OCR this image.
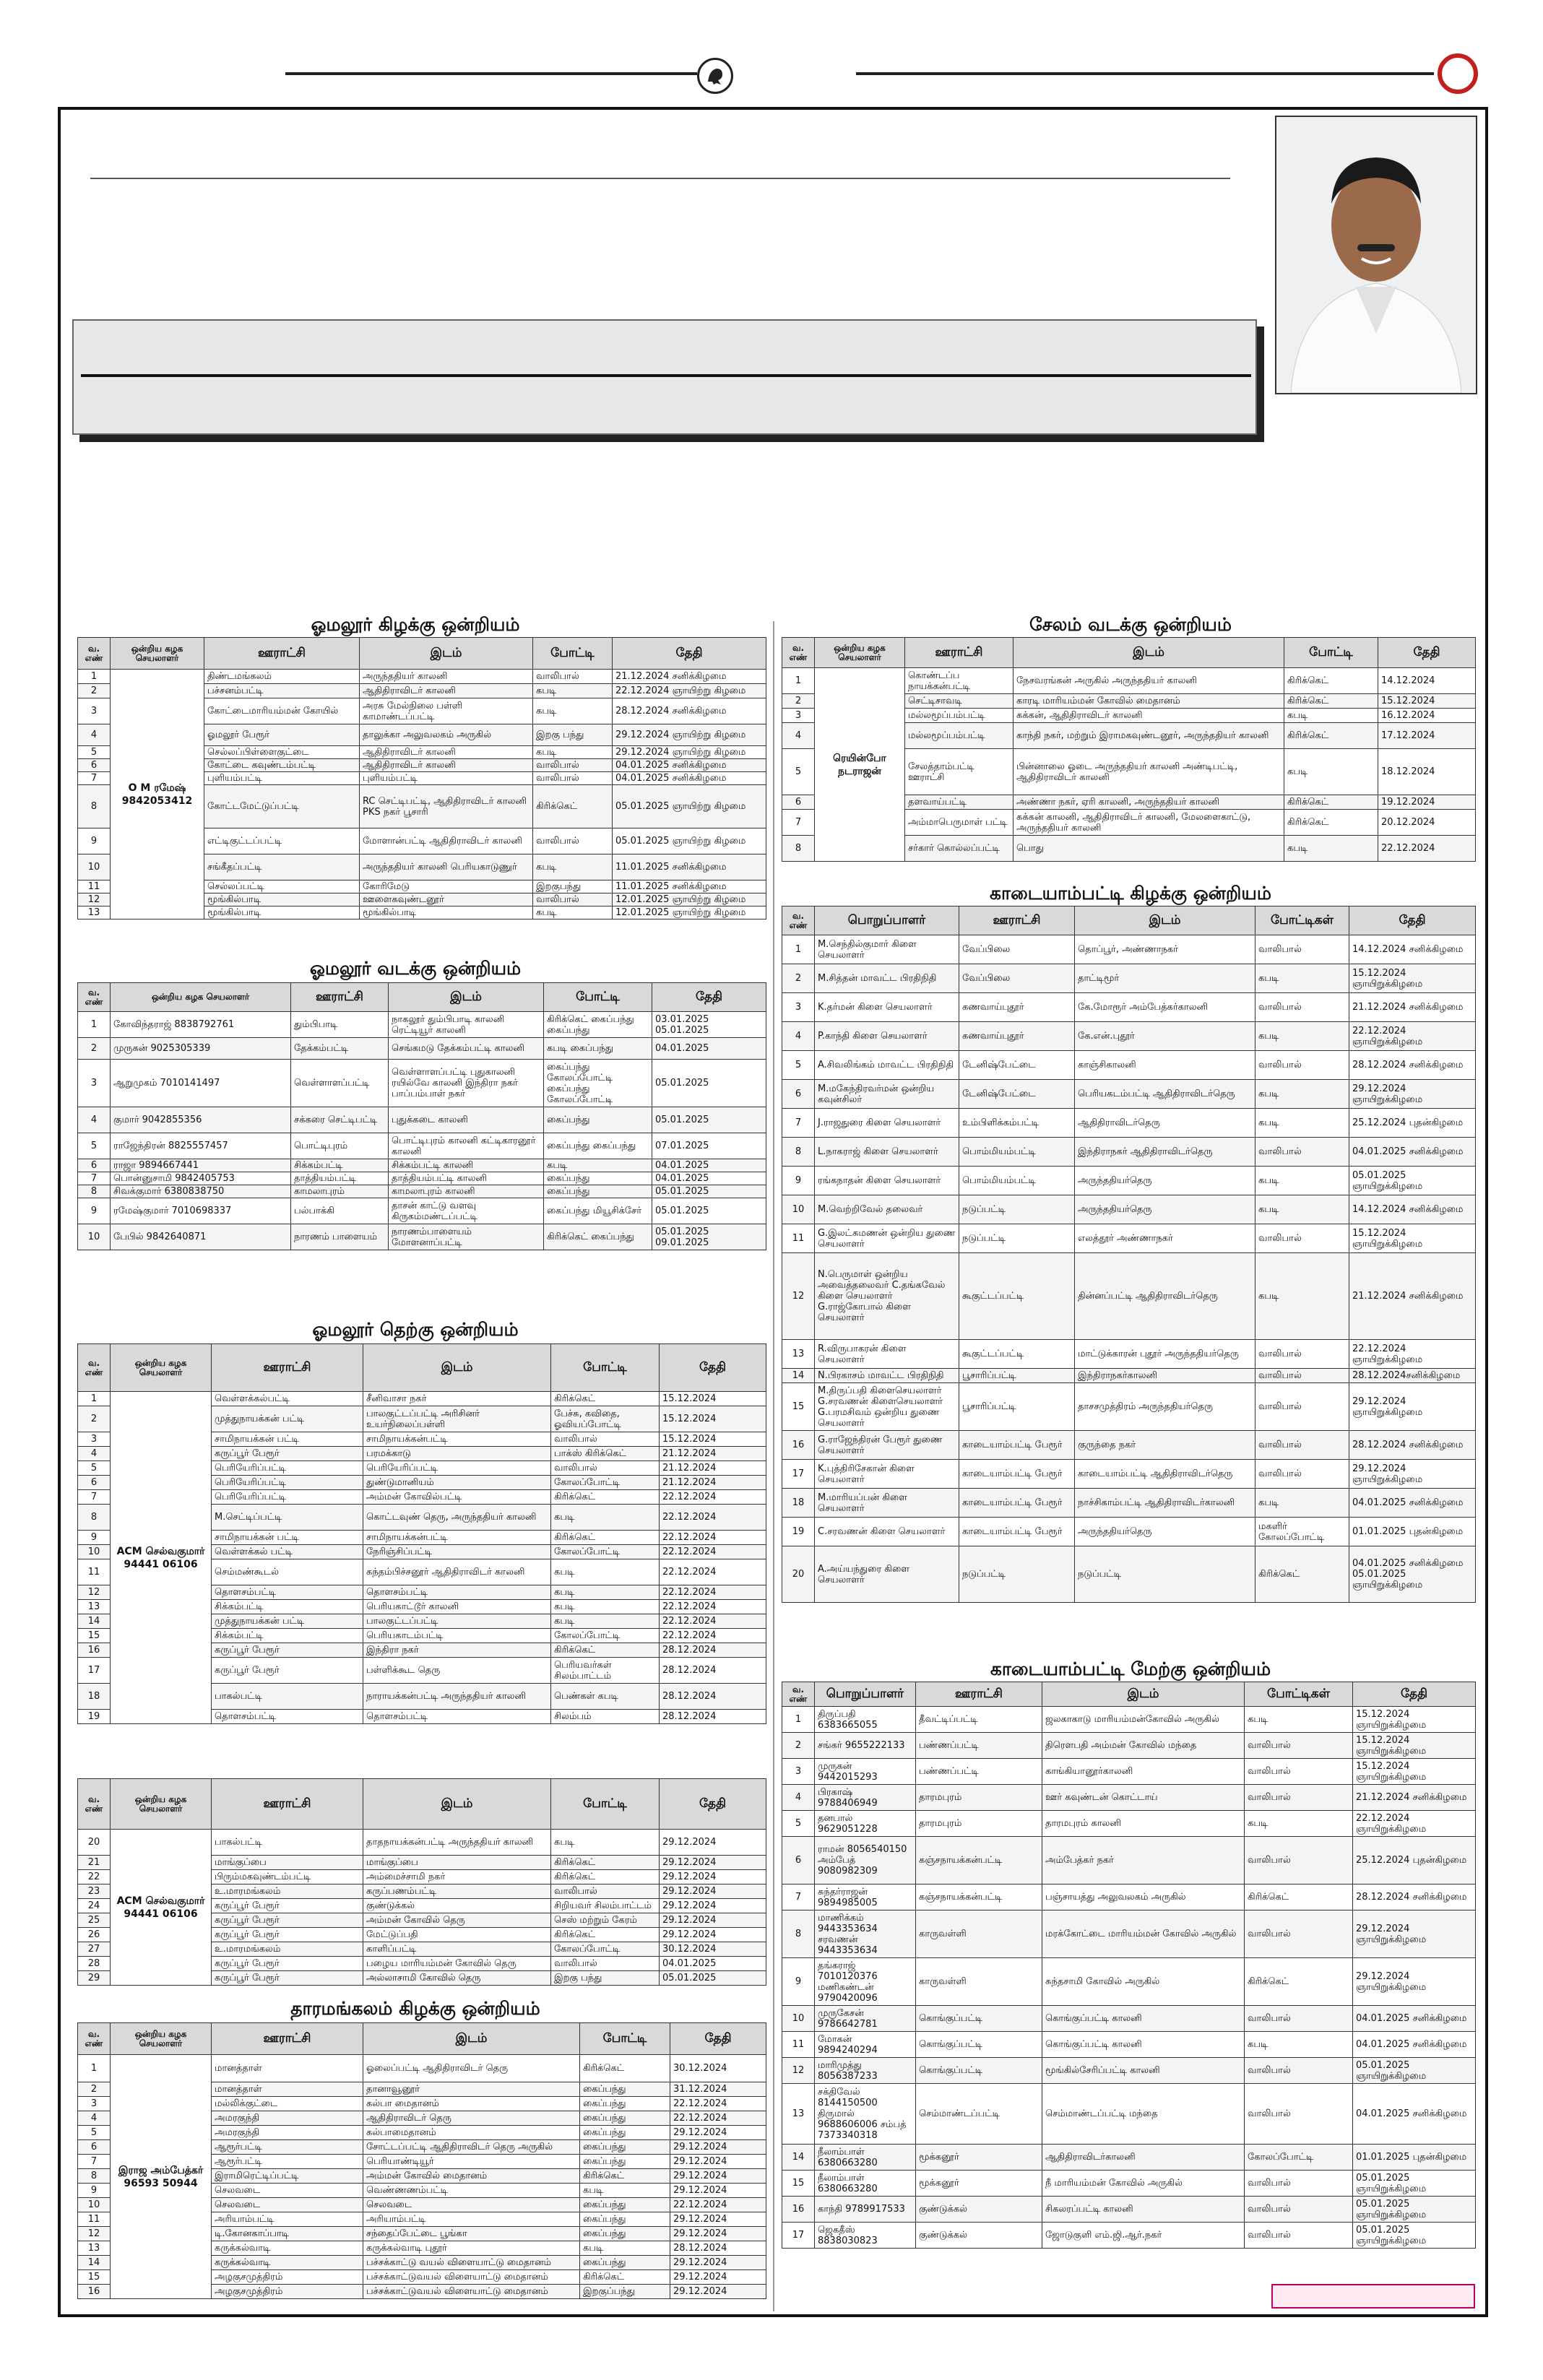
ஓமலூர் கிழக்கு ஒன்றியம்
வ. எண்	ஒன்றிய கழக செயலாளர்	ஊராட்சி	இடம்	போட்டி	தேதி
1	O M ரமேஷ் 9842053412	திண்டமங்கலம்	அருந்ததியர் காலனி	வாலிபால்	21.12.2024 சனிக்கிழமை
2		பச்சனம்பட்டி	ஆதிதிராவிடர் காலனி	கபடி	22.12.2024 ஞாயிற்று கிழமை
3		கோட்டைமாரியம்மன் கோயில்	அரசு மேல்நிலை பள்ளி காமாண்டப்பட்டி	கபடி	28.12.2024 சனிக்கிழமை
4		ஓமலூர் பேரூர்	தாலுக்கா அலுவலகம் அருகில்	இறகு பந்து	29.12.2024 ஞாயிற்று கிழமை
5		செல்லப்பிள்ளைகுட்டை	ஆதிதிராவிடர் காலனி	கபடி	29.12.2024 ஞாயிற்று கிழமை
6		கோட்டை கவுண்டம்பட்டி	ஆதிதிராவிடர் காலனி	வாலிபால்	04.01.2025 சனிக்கிழமை
7		புளியம்பட்டி	புளியம்பட்டி	வாலிபால்	04.01.2025 சனிக்கிழமை
8		கோட்டமேட்டுப்பட்டி	RC செட்டிபட்டி, ஆதிதிராவிடர் காலனி PKS நகர் பூசாரி	கிரிக்கெட்	05.01.2025 ஞாயிற்று கிழமை
9		எட்டிகுட்டப்பட்டி	மோளான்பட்டி ஆதிதிராவிடர் காலனி	வாலிபால்	05.01.2025 ஞாயிற்று கிழமை
10		சங்கீதப்பட்டி	அருந்ததியர் காலனி பெரியகாடுணுர்	கபடி	11.01.2025 சனிக்கிழமை
11		செல்லப்பட்டி	கோரிமேடு	இறகுபந்து	11.01.2025 சனிக்கிழமை
12		மூங்கில்பாடி	ஊளைகவுண்டனூர்	வாலிபால்	12.01.2025 ஞாயிற்று கிழமை
13		மூங்கில்பாடி	மூங்கில்பாடி	கபடி	12.01.2025 ஞாயிற்று கிழமை
ஓமலூர் வடக்கு ஒன்றியம்
வ. எண்	ஒன்றிய கழக செயலாளர்	ஊராட்சி	இடம்	போட்டி	தேதி
1	கோவிந்தராஜ் 8838792761	தும்பிபாடி	நாகலூர் தும்பிபாடி காலனி ரெட்டியூர் காலனி	கிரிக்கெட் கைப்பந்து கைப்பந்து	03.01.2025 05.01.2025
2	முருகன் 9025305339	தேக்கம்பட்டி	செங்கமடு தேக்கம்பட்டி காலனி	கபடி கைப்பந்து	04.01.2025
3	ஆறுமுகம் 7010141497	வெள்ளாளப்பட்டி	வெள்ளாளப்பட்டி புதுகாலனி ரயில்வே காலனி இந்திரா நகர் பாப்பம்பாள் நகர்	கைப்பந்து கோலப்போட்டி கைப்பந்து கோலப்போட்டி	05.01.2025
4	குமார் 9042855356	சக்கரை செட்டிபட்டி	புதுக்கடை காலனி	கைப்பந்து	05.01.2025
5	ராஜேந்திரன் 8825557457	பொட்டிபுரம்	பொட்டிபுரம் காலனி கட்டிகாரனூர் காலனி	கைப்பந்து கைப்பந்து	07.01.2025
6	ராஜா 9894667441	சிக்கம்பட்டி	சிக்கம்பட்டி காலனி	கபடி	04.01.2025
7	பொன்னுசாமி 9842405753	தாத்தியம்பட்டி	தாத்தியம்பட்டி காலனி	கைப்பந்து	04.01.2025
8	சிவக்குமார் 6380838750	காமலாபுரம்	காமலாபுரம் காலனி	கைப்பந்து	05.01.2025
9	ரமேஷ்குமார் 7010698337	பல்பாக்கி	தாசன் காட்டு வளவு கிருகம்மண்டப்பட்டி	கைப்பந்து மியூசிக்சேர்	05.01.2025
10	பேபில் 9842640871	நாரணம் பாளையம்	நாரணம்பாளையம் மோளனாப்பட்டி	கிரிக்கெட் கைப்பந்து	05.01.2025 09.01.2025
ஓமலூர் தெற்கு ஒன்றியம்
வ. எண்	ஒன்றிய கழக செயலாளர்	ஊராட்சி	இடம்	போட்டி	தேதி
1	ACM செல்வகுமார் 94441 06106	வெள்ளக்கல்பட்டி	சீனிவாசா நகர்	கிரிக்கெட்	15.12.2024
2		முத்துநாயக்கன் பட்டி	பாலகுட்டப்பட்டி அரிசினர் உயர்நிலைப்பள்ளி	பேச்சு, கவிதை, ஓவியப்போட்டி	15.12.2024
3		சாமிநாயக்கன் பட்டி	சாமிநாயக்கன்பட்டி	வாலிபால்	15.12.2024
4		கருப்பூர் பேரூர்	பரமக்காடு	பாக்ஸ் கிரிக்கெட்	21.12.2024
5		பெரியேரிப்பட்டி	பெரியேரிப்பட்டி	வாலிபால்	21.12.2024
6		பெரியேரிப்பட்டி	துண்டுமானியம்	கோலப்போட்டி	21.12.2024
7		பெரியேரிப்பட்டி	அம்மன் கோவில்பட்டி	கிரிக்கெட்	22.12.2024
8		M.செட்டிப்பட்டி	கொட்டவுண் தெரு, அருந்ததியர் காலனி	கபடி	22.12.2024
9		சாமிநாயக்கன் பட்டி	சாமிநாயக்கன்பட்டி	கிரிக்கெட்	22.12.2024
10		வெள்ளக்கல் பட்டி	நேரிஞ்சிப்பட்டி	கோலப்போட்டி	22.12.2024
11		செம்மண்கூடல்	கந்தம்பிச்சனூர் ஆதிதிராவிடர் காலனி	கபடி	22.12.2024
12		தொளசம்பட்டி	தொளசம்பட்டி	கபடி	22.12.2024
13		சிக்கம்பட்டி	பெரியகாட்டூர் காலனி	கபடி	22.12.2024
14		முத்துநாயக்கன் பட்டி	பாலகுட்டப்பட்டி	கபடி	22.12.2024
15		சிக்கம்பட்டி	பெரியகாடம்பட்டி	கோலப்போட்டி	22.12.2024
16		கருப்பூர் பேரூர்	இந்திரா நகர்	கிரிக்கெட்	28.12.2024
17		கருப்பூர் பேரூர்	பள்ளிக்கூட தெரு	பெரியவர்கள் சிலம்பாட்டம்	28.12.2024
18		பாகல்பட்டி	நாராயக்கன்பட்டி அருந்ததியர் காலனி	பெண்கள் கபடி	28.12.2024
19		தொளசம்பட்டி	தொளசம்பட்டி	சிலம்பம்	28.12.2024
வ. எண்	ஒன்றிய கழக செயலாளர்	ஊராட்சி	இடம்	போட்டி	தேதி
20	ACM செல்வகுமார் 94441 06106	பாகல்பட்டி	தாதநாயக்கன்பட்டி அருந்ததியர் காலனி	கபடி	29.12.2024
21		மாங்குப்பை	மாங்குப்பை	கிரிக்கெட்	29.12.2024
22		பிரும்மகவுண்டம்பட்டி	அம்மைச்சாமி நகர்	கிரிக்கெட்	29.12.2024
23		உ.மாரமங்கலம்	கருப்பணம்பட்டி	வாலிபால்	29.12.2024
24		கருப்பூர் பேரூர்	குண்டுக்கல்	சிறியவர் சிலம்பாட்டம்	29.12.2024
25		கருப்பூர் பேரூர்	அம்மன் கோவில் தெரு	செஸ் மற்றும் கேரம்	29.12.2024
26		கருப்பூர் பேரூர்	மேட்டுப்பதி	கிரிக்கெட்	29.12.2024
27		உ.மாரமங்கலம்	காளிப்பட்டி	கோலப்போட்டி	30.12.2024
28		கருப்பூர் பேரூர்	பழைய மாரியம்மன் கோவில் தெரு	வாலிபால்	04.01.2025
29		கருப்பூர் பேரூர்	அல்லாசாமி கோவில் தெரு	இறகு பந்து	05.01.2025
தாரமங்கலம் கிழக்கு ஒன்றியம்
வ. எண்	ஒன்றிய கழக செயலாளர்	ஊராட்சி	இடம்	போட்டி	தேதி
1	இராஜ அம்பேத்கர் 96593 50944	மானத்தாள்	ஓலைப்பட்டி ஆதிதிராவிடர் தெரு	கிரிக்கெட்	30.12.2024
2		மானத்தாள்	தானாவூனூர்	கைப்பந்து	31.12.2024
3		மல்லிக்குட்டை	கல்பா மைதானம்	கைப்பந்து	22.12.2024
4		அமரகுந்தி	ஆதிதிராவிடர் தெரு	கைப்பந்து	22.12.2024
5		அமரகுந்தி	கல்பாமைதானம்	கைப்பந்து	29.12.2024
6		ஆரூர்பட்டி	சோட்டப்பட்டி ஆதிதிராவிடர் தெரு அருகில்	கைப்பந்து	29.12.2024
7		ஆரூர்பட்டி	பெரியாண்டியூர்	கைப்பந்து	29.12.2024
8		இராமிரெட்டிப்பட்டி	அம்மன் கோவில் மைதானம்	கிரிக்கெட்	29.12.2024
9		செலவடை	வெண்ணணம்பட்டி	கபடி	29.12.2024
10		செலவடை	செலவடை	கைப்பந்து	22.12.2024
11		அரியாம்பட்டி	அரியாம்பட்டி	கைப்பந்து	29.12.2024
12		டி.கோனகாப்பாடி	சந்தைப்பேட்டை பூங்கா	கைப்பந்து	29.12.2024
13		கருக்கல்வாடி	கருக்கல்வாடி புதூர்	கபடி	28.12.2024
14		கருக்கல்வாடி	பச்சக்காட்டு வயல் விளையாட்டு மைதானம்	கைப்பந்து	29.12.2024
15		அழகுசமுத்திரம்	பச்சக்காட்டுவயல் விளையாட்டு மைதானம்	கிரிக்கெட்	29.12.2024
16		அழகுசமுத்திரம்	பச்சக்காட்டுவயல் விளையாட்டு மைதானம்	இறகுப்பந்து	29.12.2024
சேலம் வடக்கு ஒன்றியம்
வ. எண்	ஒன்றிய கழக செயலாளர்	ஊராட்சி	இடம்	போட்டி	தேதி
1	ரெயின்போ நடராஜன்	கொண்டப்ப நாயக்கன்பட்டி	நேசவரங்கன் அருகில் அருந்ததியர் காலனி	கிரிக்கெட்	14.12.2024
2		செட்டிசாவடி	காரடி மாரியம்மன் கோவில் மைதானம்	கிரிக்கெட்	15.12.2024
3		மல்லமூப்பம்பட்டி	கக்கன், ஆதிதிராவிடர் காலனி	கபடி	16.12.2024
4		மல்லமூப்பம்பட்டி	காந்தி நகர், மற்றும் இராமகவுண்டனூர், அருந்ததியர் காலனி	கிரிக்கெட்	17.12.2024
5		சேலத்தாம்பட்டி ஊராட்சி	பின்னாலை ஓடை அருந்ததியர் காலனி அண்டிபட்டி, ஆதிதிராவிடர் காலனி	கபடி	18.12.2024
6		தளவாய்பட்டி	அண்ணா நகர், ஏரி காலனி, அருந்ததியர் காலனி	கிரிக்கெட்	19.12.2024
7		அம்மாபெருமாள் பட்டி	கக்கன் காலனி, ஆதிதிராவிடர் காலனி, மேலளைகாட்டு, அருந்ததியர் காலனி	கிரிக்கெட்	20.12.2024
8		சர்கார் கொல்லப்பட்டி	பொது	கபடி	22.12.2024
காடையாம்பட்டி கிழக்கு ஒன்றியம்
வ. எண்	பொறுப்பாளர்	ஊராட்சி	இடம்	போட்டிகள்	தேதி
1	M.செந்தில்குமார் கிளை செயலாளர்	வேப்பிலை	தொப்பூர், அண்ணாநகர்	வாலிபால்	14.12.2024 சனிக்கிழமை
2	M.சித்தன் மாவட்ட பிரதிநிதி	வேப்பிலை	தாட்டிமூர்	கபடி	15.12.2024 ஞாயிறுக்கிழமை
3	K.தர்மன் கிளை செயலாளர்	கணவாய்புதூர்	கே.மோரூர் அம்பேத்கர்காலனி	வாலிபால்	21.12.2024 சனிக்கிழமை
4	P.காந்தி கிளை செயலாளர்	கணவாய்புதூர்	கே.என்.புதூர்	கபடி	22.12.2024 ஞாயிறுக்கிழமை
5	A.சிவலிங்கம் மாவட்ட பிரதிநிதி	டேனிஷ்பேட்டை	காஞ்சிகாலனி	வாலிபால்	28.12.2024 சனிக்கிழமை
6	M.மகேந்திரவர்மன் ஒன்றிய கவுன்சிலர்	டேனிஷ்பேட்டை	பெரியகடம்பட்டி ஆதிதிராவிடர்தெரு	கபடி	29.12.2024 ஞாயிறுக்கிழமை
7	J.ராஜதுரை கிளை செயலாளர்	உம்பிளிக்கம்பட்டி	ஆதிதிராவிடர்தெரு	கபடி	25.12.2024 புதன்கிழமை
8	L.நாகராஜ் கிளை செயலாளர்	பொம்மியம்பட்டி	இந்திராநகர் ஆதிதிராவிடர்தெரு	வாலிபால்	04.01.2025 சனிக்கிழமை
9	ரங்கநாதன் கிளை செயலாளர்	பொம்மியம்பட்டி	அருந்ததியர்தெரு	கபடி	05.01.2025 ஞாயிறுக்கிழமை
10	M.வெற்றிவேல் தலைவர்	நடுப்பட்டி	அருந்ததியர்தெரு	கபடி	14.12.2024 சனிக்கிழமை
11	G.இலட்சுமணன் ஒன்றிய துணை செயலாளர்	நடுப்பட்டி	எலத்தூர் அண்ணாநகர்	வாலிபால்	15.12.2024 ஞாயிறுக்கிழமை
12	N.பெருமாள் ஒன்றிய அவைத்தலைவர் C.தங்கவேல் கிளை செயலாளர் G.ராஜ்கோபால் கிளை செயலாளர்	கூகுட்டப்பட்டி	தின்னப்பட்டி ஆதிதிராவிடர்தெரு	கபடி	21.12.2024 சனிக்கிழமை
13	R.விருபாகரன் கிளை செயலாளர்	கூகுட்டப்பட்டி	மாட்டுக்காரன் புதூர் அருந்ததியர்தெரு	வாலிபால்	22.12.2024 ஞாயிறுக்கிழமை
14	N.பிரகாசம் மாவட்ட பிரதிநிதி	பூசாரிப்பட்டி	இந்திராநகர்காலனி	வாலிபால்	28.12.2024சனிக்கிழமை
15	M.திருப்பதி கிளைசெயலாளர் G.சரவணன் கிளைசெயலாளர் G.பரமசிவம் ஒன்றிய துணை செயலாளர்	பூசாரிப்பட்டி	தாசசமுத்திரம் அருந்ததியர்தெரு	வாலிபால்	29.12.2024 ஞாயிறுக்கிழமை
16	G.ராஜேந்திரன் பேரூர் துணை செயலாளர்	காடையாம்பட்டி பேரூர்	குருந்தை நகர்	வாலிபால்	28.12.2024 சனிக்கிழமை
17	K.புத்திரிசேகான் கிளை செயலாளர்	காடையாம்பட்டி பேரூர்	காடையாம்பட்டி ஆதிதிராவிடர்தெரு	வாலிபால்	29.12.2024 ஞாயிறுக்கிழமை
18	M.மாரியப்பன் கிளை செயலாளர்	காடையாம்பட்டி பேரூர்	நாச்சிகாம்பட்டி ஆதிதிராவிடர்காலனி	கபடி	04.01.2025 சனிக்கிழமை
19	C.சரவணன் கிளை செயலாளர்	காடையாம்பட்டி பேரூர்	அருந்ததியர்தெரு	மகளிர் கோலப்போட்டி	01.01.2025 புதன்கிழமை
20	A.அய்யந்துரை கிளை செயலாளர்	நடுப்பட்டி	நடுப்பட்டி	கிரிக்கெட்	04.01.2025 சனிக்கிழமை 05.01.2025 ஞாயிறுக்கிழமை
காடையாம்பட்டி மேற்கு ஒன்றியம்
வ. எண்	பொறுப்பாளர்	ஊராட்சி	இடம்	போட்டிகள்	தேதி
1	திருப்பதி 6383665055	தீவட்டிப்பட்டி	ஜலகாகாடு மாரியம்மன்கோவில் அருகில்	கபடி	15.12.2024 ஞாயிறுக்கிழமை
2	சங்கர் 9655222133	பண்ணப்பட்டி	திரௌபதி அம்மன் கோவில் மந்தை	வாலிபால்	15.12.2024 ஞாயிறுக்கிழமை
3	முருகன் 9442015293	பண்ணப்பட்டி	காங்கியானூர்காலனி	வாலிபால்	15.12.2024 ஞாயிறுக்கிழமை
4	பிரகாஷ் 9788406949	தாரமபுரம்	ஊர் கவுண்டன் கொட்டாய்	வாலிபால்	21.12.2024 சனிக்கிழமை
5	தனபால் 9629051228	தாரமபுரம்	தாரமபுரம் காலனி	கபடி	22.12.2024 ஞாயிறுக்கிழமை
6	ராமன் 8056540150 அம்பேத் 9080982309	கஞ்சநாயக்கன்பட்டி	அம்பேத்கர் நகர்	வாலிபால்	25.12.2024 புதன்கிழமை
7	சுந்தர்ராஜன் 9894985005	கஞ்சநாயக்கன்பட்டி	பஞ்சாயத்து அலுவலகம் அருகில்	கிரிக்கெட்	28.12.2024 சனிக்கிழமை
8	மாணிக்கம் 9443353634 சரவணன் 9443353634	காருவள்ளி	மரக்கோட்டை மாரியம்மன் கோவில் அருகில்	வாலிபால்	29.12.2024 ஞாயிறுக்கிழமை
9	தங்கராஜ் 7010120376 மணிகண்டன் 9790420096	காருவள்ளி	சுந்தசாமி கோவில் அருகில்	கிரிக்கெட்	29.12.2024 ஞாயிறுக்கிழமை
10	முருகேசன் 9786642781	கொங்குப்பட்டி	கொங்குப்பட்டி காலனி	வாலிபால்	04.01.2025 சனிக்கிழமை
11	மோகன் 9894240294	கொங்குப்பட்டி	கொங்குப்பட்டி காலனி	கபடி	04.01.2025 சனிக்கிழமை
12	மாரிமுத்து 8056387233	கொங்குப்பட்டி	மூங்கில்சேரிப்பட்டி காலனி	வாலிபால்	05.01.2025 ஞாயிறுக்கிழமை
13	சக்திவேல் 8144150500 திருமால் 9688606006 சம்பத் 7373340318	செம்மாண்டப்பட்டி	செம்மாண்டப்பட்டி மந்தை	வாலிபால்	04.01.2025 சனிக்கிழமை
14	நீலாம்பாள் 6380663280	மூக்கனூர்	ஆதிதிராவிடர்காலனி	கோலப்போட்டி	01.01.2025 புதன்கிழமை
15	நீலாம்பாள் 6380663280	மூக்கனூர்	நீ மாரியம்மன் கோவில் அருகில்	வாலிபால்	05.01.2025 ஞாயிறுக்கிழமை
16	காந்தி 9789917533	குண்டுக்கல்	சிகலரப்பட்டி காலனி	வாலிபால்	05.01.2025 ஞாயிறுக்கிழமை
17	ஜெகதீஸ் 8838030823	குண்டுக்கல்	ஜோடுகுளி எம்.ஜி.ஆர்.நகர்	வாலிபால்	05.01.2025 ஞாயிறுக்கிழமை
